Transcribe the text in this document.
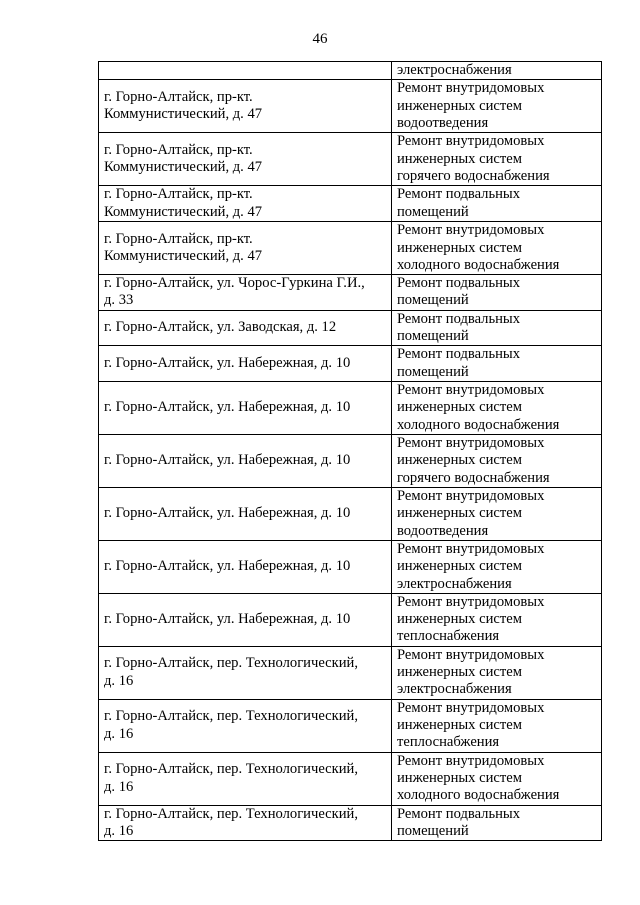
46

	электроснабжения

г. Горно-Алтайск, пр-кт.
Коммунистический, д. 47	Ремонт внутридомовых
инженерных систем
водоотведения

г. Горно-Алтайск, пр-кт.
Коммунистический, д. 47	Ремонт внутридомовых
инженерных систем
горячего водоснабжения

г. Горно-Алтайск, пр-кт.
Коммунистический, д. 47	Ремонт подвальных
помещений

г. Горно-Алтайск, пр-кт.
Коммунистический, д. 47	Ремонт внутридомовых
инженерных систем
холодного водоснабжения

г. Горно-Алтайск, ул. Чорос-Гуркина Г.И.,
д. 33	Ремонт подвальных
помещений

г. Горно-Алтайск, ул. Заводская, д. 12	Ремонт подвальных
помещений

г. Горно-Алтайск, ул. Набережная, д. 10	Ремонт подвальных
помещений

г. Горно-Алтайск, ул. Набережная, д. 10	Ремонт внутридомовых
инженерных систем
холодного водоснабжения

г. Горно-Алтайск, ул. Набережная, д. 10	Ремонт внутридомовых
инженерных систем
горячего водоснабжения

г. Горно-Алтайск, ул. Набережная, д. 10	Ремонт внутридомовых
инженерных систем
водоотведения

г. Горно-Алтайск, ул. Набережная, д. 10	Ремонт внутридомовых
инженерных систем
электроснабжения

г. Горно-Алтайск, ул. Набережная, д. 10	Ремонт внутридомовых
инженерных систем
теплоснабжения

г. Горно-Алтайск, пер. Технологический,
д. 16	Ремонт внутридомовых
инженерных систем
электроснабжения

г. Горно-Алтайск, пер. Технологический,
д. 16	Ремонт внутридомовых
инженерных систем
теплоснабжения

г. Горно-Алтайск, пер. Технологический,
д. 16	Ремонт внутридомовых
инженерных систем
холодного водоснабжения

г. Горно-Алтайск, пер. Технологический,
д. 16	Ремонт подвальных
помещений
